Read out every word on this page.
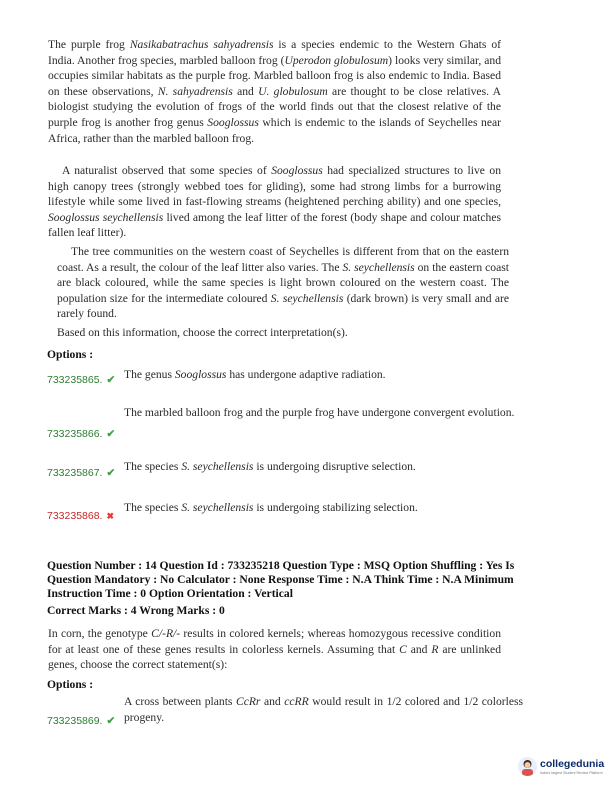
The purple frog Nasikabatrachus sahyadrensis is a species endemic to the Western Ghats of India. Another frog species, marbled balloon frog (Uperodon globulosum) looks very similar, and occupies similar habitats as the purple frog. Marbled balloon frog is also endemic to India. Based on these observations, N. sahyadrensis and U. globulosum are thought to be close relatives. A biologist studying the evolution of frogs of the world finds out that the closest relative of the purple frog is another frog genus Sooglossus which is endemic to the islands of Seychelles near Africa, rather than the marbled balloon frog.
A naturalist observed that some species of Sooglossus had specialized structures to live on high canopy trees (strongly webbed toes for gliding), some had strong limbs for a burrowing lifestyle while some lived in fast-flowing streams (heightened perching ability) and one species, Sooglossus seychellensis lived among the leaf litter of the forest (body shape and colour matches fallen leaf litter).
The tree communities on the western coast of Seychelles is different from that on the eastern coast. As a result, the colour of the leaf litter also varies. The S. seychellensis on the eastern coast are black coloured, while the same species is light brown coloured on the western coast. The population size for the intermediate coloured S. seychellensis (dark brown) is very small and are rarely found.
Based on this information, choose the correct interpretation(s).
Options :
733235865. ✔ The genus Sooglossus has undergone adaptive radiation.
733235866. ✔
The marbled balloon frog and the purple frog have undergone convergent evolution.
733235867. ✔ The species S. seychellensis is undergoing disruptive selection.
733235868. ✖
The species S. seychellensis is undergoing stabilizing selection.
Question Number : 14 Question Id : 733235218 Question Type : MSQ Option Shuffling : Yes Is
Question Mandatory : No Calculator : None Response Time : N.A Think Time : N.A Minimum
Instruction Time : 0 Option Orientation : Vertical
Correct Marks : 4 Wrong Marks : 0
In corn, the genotype C/-R/- results in colored kernels; whereas homozygous recessive condition for at least one of these genes results in colorless kernels. Assuming that C and R are unlinked genes, choose the correct statement(s):
Options :
733235869. ✔
A cross between plants CcRr and ccRR would result in 1/2 colored and 1/2 colorless progeny.
collegedunia
India's largest Student Review Platform
